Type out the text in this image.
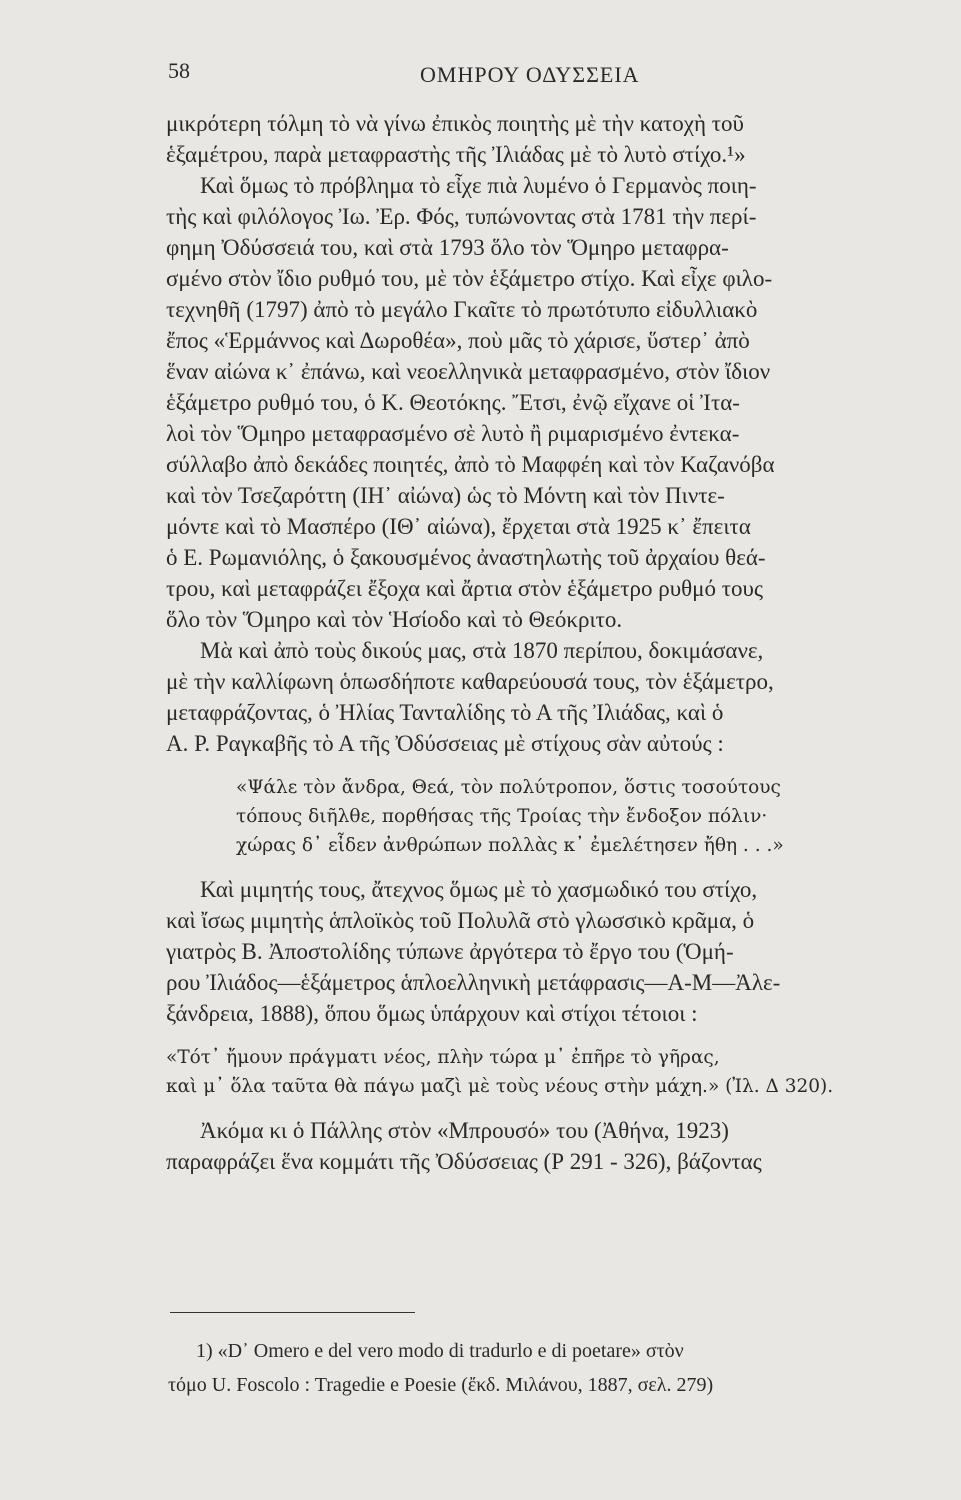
58	ΟΜΗΡΟΥ ΟΔΥΣΣΕΙΑ
μικρότερη τόλμη τὸ νὰ γίνω ἐπικὸς ποιητὴς μὲ τὴν κατοχὴ τοῦ
ἑξαμέτρου, παρὰ μεταφραστὴς τῆς Ἰλιάδας μὲ τὸ λυτὸ στίχο.¹»
Καὶ ὅμως τὸ πρόβλημα τὸ εἶχε πιὰ λυμένο ὁ Γερμανὸς ποιη-
τὴς καὶ φιλόλογος Ἰω. Ἐρ. Φός, τυπώνοντας στὰ 1781 τὴν περί-
φημη Ὀδύσσειά του, καὶ στὰ 1793 ὅλο τὸν Ὅμηρο μεταφρα-
σμένο στὸν ἴδιο ρυθμό του, μὲ τὸν ἑξάμετρο στίχο. Καὶ εἶχε φιλο-
τεχνηθῆ (1797) ἀπὸ τὸ μεγάλο Γκαῖτε τὸ πρωτότυπο εἰδυλλιακὸ
ἔπος «Ἑρμάννος καὶ Δωροθέα», ποὺ μᾶς τὸ χάρισε, ὕστερ᾽ ἀπὸ
ἕναν αἰώνα κ᾽ ἐπάνω, καὶ νεοελληνικὰ μεταφρασμένο, στὸν ἴδιον
ἑξάμετρο ρυθμό του, ὁ Κ. Θεοτόκης. Ἔτσι, ἐνῷ εἴχανε οἱ Ἰτα-
λοὶ τὸν Ὅμηρο μεταφρασμένο σὲ λυτὸ ἢ ριμαρισμένο ἐντεκα-
σύλλαβο ἀπὸ δεκάδες ποιητές, ἀπὸ τὸ Μαφφέη καὶ τὸν Καζανόβα
καὶ τὸν Τσεζαρόττη (ΙΗ᾽ αἰώνα) ὡς τὸ Μόντη καὶ τὸν Πιντε-
μόντε καὶ τὸ Μασπέρο (ΙΘ᾽ αἰώνα), ἔρχεται στὰ 1925 κ᾽ ἔπειτα
ὁ Ε. Ρωμανιόλης, ὁ ξακουσμένος ἀναστηλωτὴς τοῦ ἀρχαίου θεά-
τρου, καὶ μεταφράζει ἔξοχα καὶ ἄρτια στὸν ἑξάμετρο ρυθμό τους
ὅλο τὸν Ὅμηρο καὶ τὸν Ἡσίοδο καὶ τὸ Θεόκριτο.
Μὰ καὶ ἀπὸ τοὺς δικούς μας, στὰ 1870 περίπου, δοκιμάσανε,
μὲ τὴν καλλίφωνη ὁπωσδήποτε καθαρεύουσά τους, τὸν ἑξάμετρο,
μεταφράζοντας, ὁ Ἠλίας Τανταλίδης τὸ Α τῆς Ἰλιάδας, καὶ ὁ
Α. Ρ. Ραγκαβῆς τὸ Α τῆς Ὀδύσσειας μὲ στίχους σὰν αὐτούς :
«Ψάλε τὸν ἄνδρα, Θεά, τὸν πολύτροπον, ὅστις τοσούτους
τόπους διῆλθε, πορθήσας τῆς Τροίας τὴν ἔνδοξον πόλιν·
χώρας δ᾽ εἶδεν ἀνθρώπων πολλὰς κ᾽ ἐμελέτησεν ἤθη . . .»
Καὶ μιμητής τους, ἄτεχνος ὅμως μὲ τὸ χασμωδικό του στίχο,
καὶ ἴσως μιμητὴς ἁπλοϊκὸς τοῦ Πολυλᾶ στὸ γλωσσικὸ κρᾶμα, ὁ
γιατρὸς Β. Ἀποστολίδης τύπωνε ἀργότερα τὸ ἔργο του (Ὁμή-
ρου Ἰλιάδος—ἑξάμετρος ἁπλοελληνικὴ μετάφρασις—Α-Μ—Ἀλε-
ξάνδρεια, 1888), ὅπου ὅμως ὑπάρχουν καὶ στίχοι τέτοιοι :
«Τότ᾽ ἤμουν πράγματι νέος, πλὴν τώρα μ᾽ ἐπῆρε τὸ γῆρας,
καὶ μ᾽ ὅλα ταῦτα θὰ πάγω μαζὶ μὲ τοὺς νέους στὴν μάχη.» (Ἰλ. Δ 320).
Ἀκόμα κι ὁ Πάλλης στὸν «Μπρουσό» του (Ἀθήνα, 1923)
παραφράζει ἕνα κομμάτι τῆς Ὀδύσσειας (Ρ 291 - 326), βάζοντας
1) «D᾽ Omero e del vero modo di tradurlo e di poetare» στὸν
τόμο U. Foscolo : Tragedie e Poesie (ἔκδ. Μιλάνου, 1887, σελ. 279)
